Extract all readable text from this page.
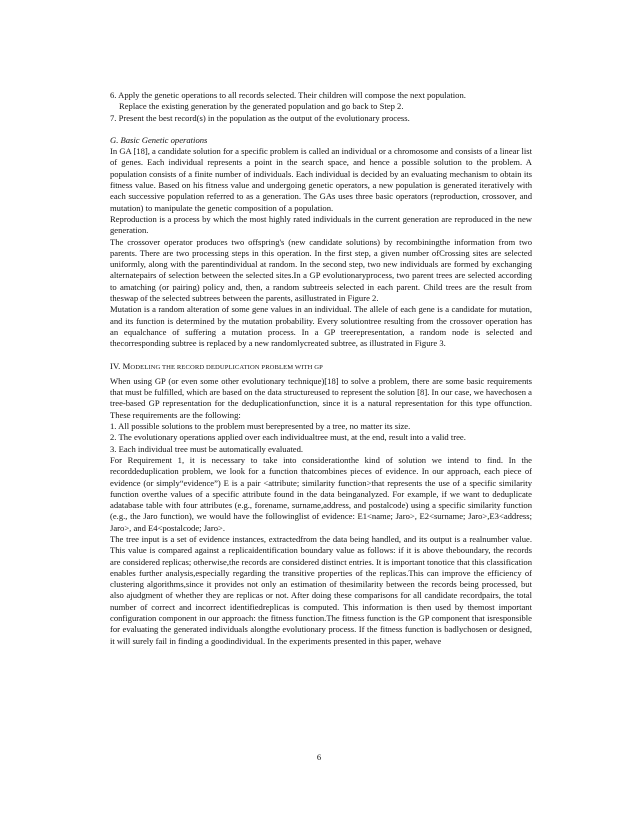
6. Apply the genetic operations to all records selected. Their children will compose the next population.

Replace the existing generation by the generated population and go back to Step 2.

7. Present the best record(s) in the population as the output of the evolutionary process.

G. Basic Genetic operations

In GA [18], a candidate solution for a specific problem is called an individual or a chromosome and consists of a linear list of genes. Each individual represents a point in the search space, and hence a possible solution to the problem. A population consists of a finite number of individuals. Each individual is decided by an evaluating mechanism to obtain its fitness value. Based on his fitness value and undergoing genetic operators, a new population is generated iteratively with each successive population referred to as a generation. The GAs uses three basic operators (reproduction, crossover, and mutation) to manipulate the genetic composition of a population.

Reproduction is a process by which the most highly rated individuals in the current generation are reproduced in the new generation.

The crossover operator produces two offspring's (new candidate solutions) by recombiningthe information from two parents. There are two processing steps in this operation. In the first step, a given number ofCrossing sites are selected uniformly, along with the parentindividual at random. In the second step, two new individuals are formed by exchanging alternatepairs of selection between the selected sites.In a GP evolutionaryprocess, two parent trees are selected according to amatching (or pairing) policy and, then, a random subtreeis selected in each parent. Child trees are the result from theswap of the selected subtrees between the parents, asillustrated in Figure 2.

Mutation is a random alteration of some gene values in an individual. The allele of each gene is a candidate for mutation, and its function is determined by the mutation probability. Every solutiontree resulting from the crossover operation has an equalchance of suffering a mutation process. In a GP treerepresentation, a random node is selected and thecorresponding subtree is replaced by a new randomlycreated subtree, as illustrated in Figure 3.

IV. MODELING THE RECORD DEDUPLICATION PROBLEM WITH GP

When using GP (or even some other evolutionary technique)[18] to solve a problem, there are some basic requirements that must be fulfilled, which are based on the data structureused to represent the solution [8]. In our case, we havechosen a tree-based GP representation for the deduplicationfunction, since it is a natural representation for this type offunction. These requirements are the following:

1. All possible solutions to the problem must berepresented by a tree, no matter its size.

2. The evolutionary operations applied over each individualtree must, at the end, result into a valid tree.

3. Each individual tree must be automatically evaluated.

For Requirement 1, it is necessary to take into considerationthe kind of solution we intend to find. In the recorddeduplication problem, we look for a function thatcombines pieces of evidence. In our approach, each piece of evidence (or simply“evidence”) E is a pair <attribute; similarity function>that represents the use of a specific similarity function overthe values of a specific attribute found in the data beinganalyzed. For example, if we want to deduplicate adatabase table with four attributes (e.g., forename, surname,address, and postalcode) using a specific similarity function (e.g., the Jaro function), we would have the followinglist of evidence: E1<name; Jaro>, E2<surname; Jaro>,E3<address; Jaro>, and E4<postalcode; Jaro>.

The tree input is a set of evidence instances, extractedfrom the data being handled, and its output is a realnumber value. This value is compared against a replicaidentification boundary value as follows: if it is above theboundary, the records are considered replicas; otherwise,the records are considered distinct entries. It is important tonotice that this classification enables further analysis,especially regarding the transitive properties of the replicas.This can improve the efficiency of clustering algorithms,since it provides not only an estimation of thesimilarity between the records being processed, but also ajudgment of whether they are replicas or not. After doing these comparisons for all candidate recordpairs, the total number of correct and incorrect identifiedreplicas is computed. This information is then used by themost important configuration component in our approach: the fitness function.The fitness function is the GP component that isresponsible for evaluating the generated individuals alongthe evolutionary process. If the fitness function is badlychosen or designed, it will surely fail in finding a goodindividual. In the experiments presented in this paper, wehave

6
